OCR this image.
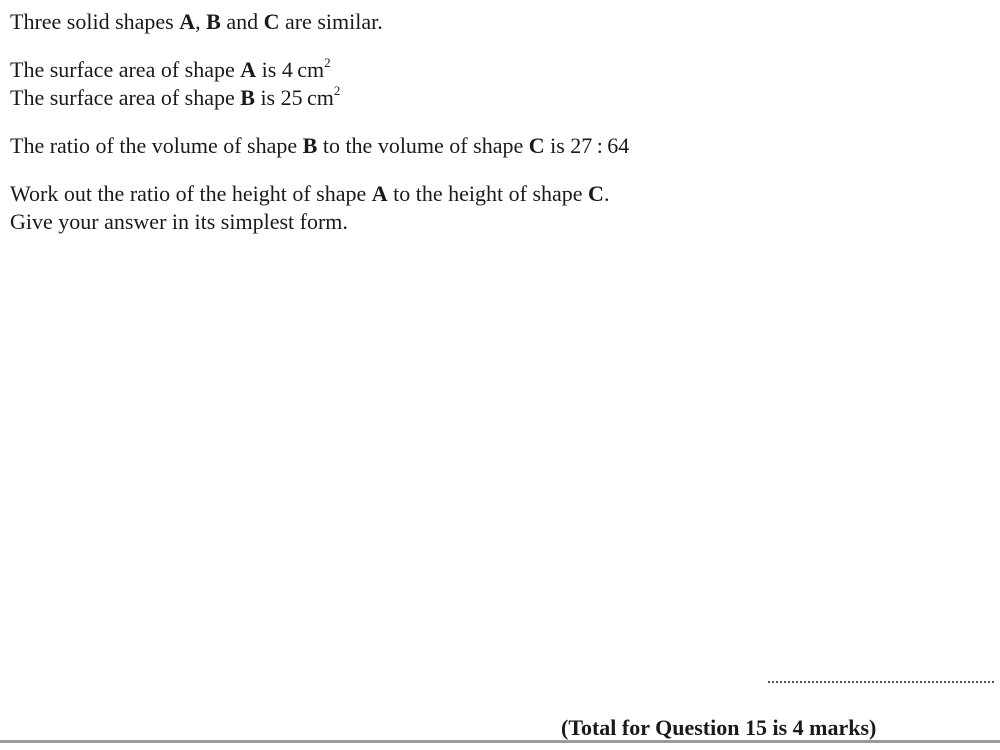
Three solid shapes A, B and C are similar.
The surface area of shape A is 4 $cm^2$
The surface area of shape B is 25 $cm^2$
The ratio of the volume of shape B to the volume of shape C is 27 : 64
Work out the ratio of the height of shape A to the height of shape C.
Give your answer in its simplest form.
(Total for Question 15 is 4 marks)
